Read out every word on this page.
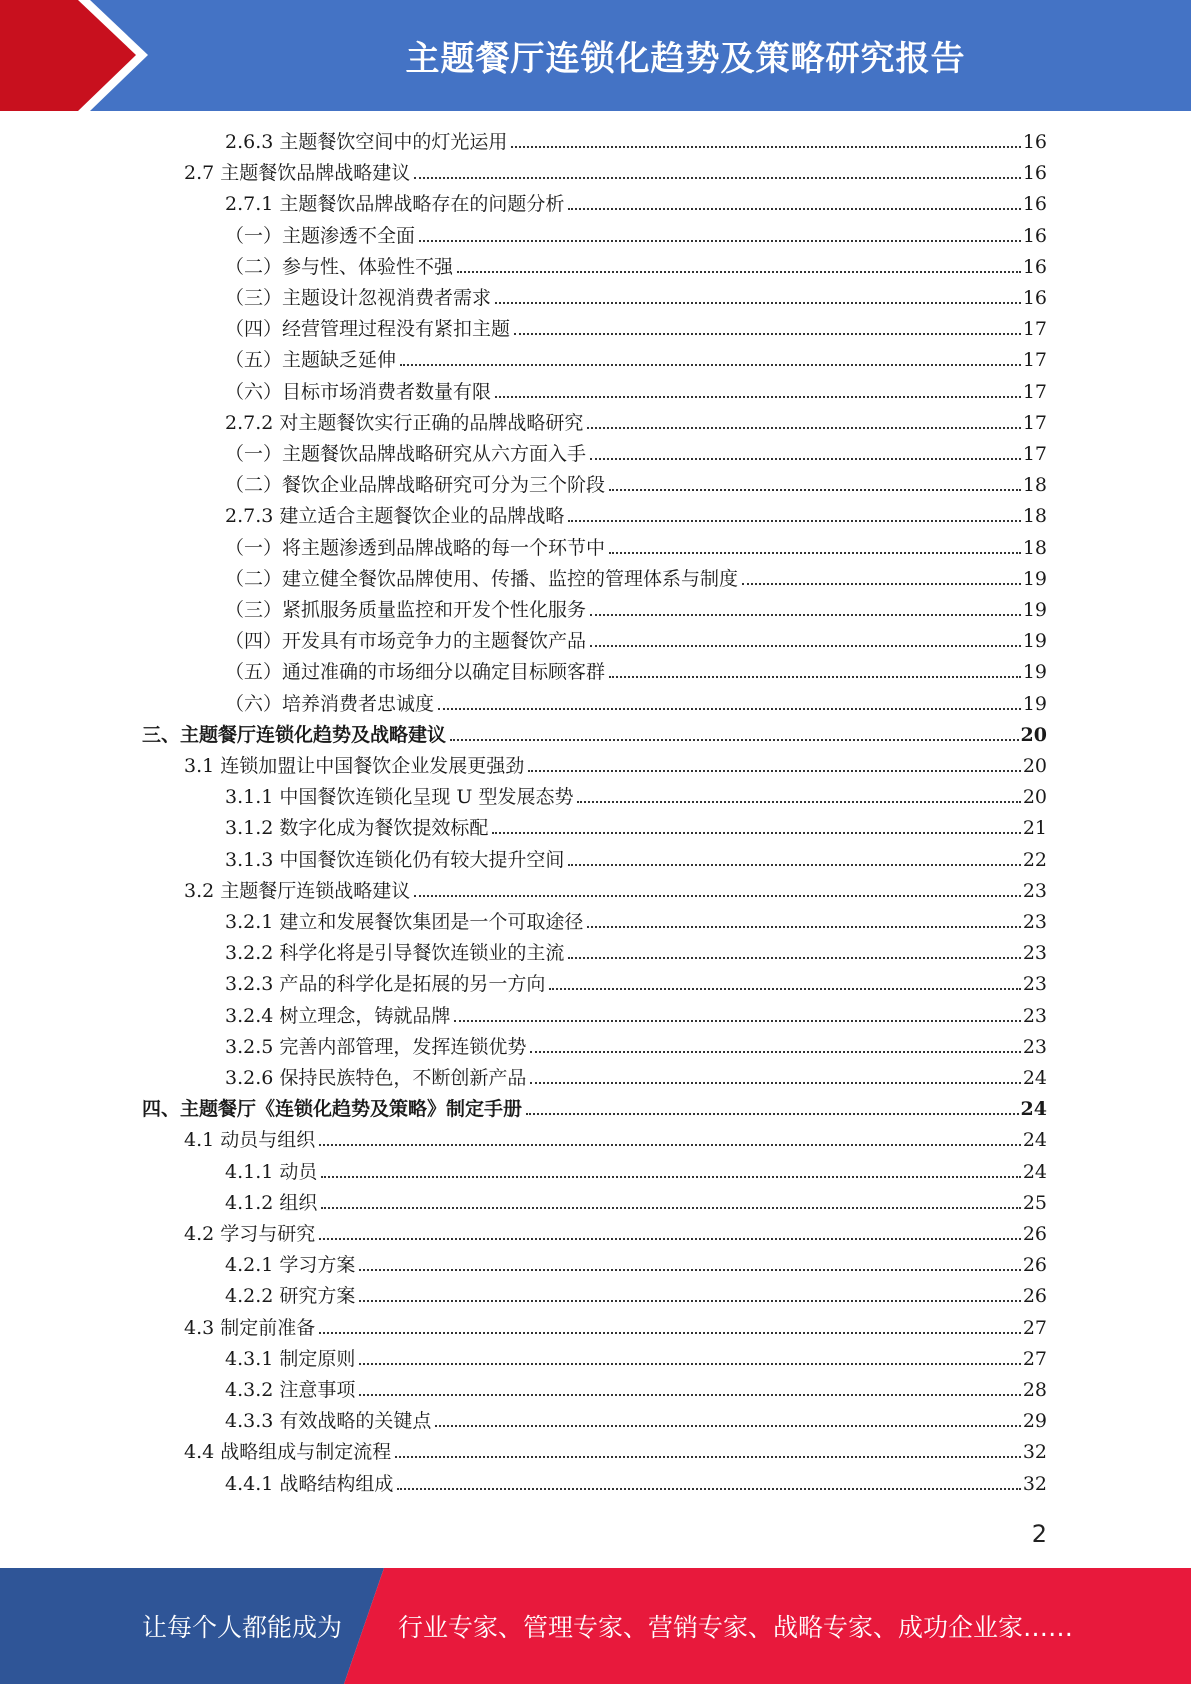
主题餐厅连锁化趋势及策略研究报告
2.6.3 主题餐饮空间中的灯光运用	16
2.7 主题餐饮品牌战略建议	16
2.7.1 主题餐饮品牌战略存在的问题分析	16
（一）主题渗透不全面	16
（二）参与性、体验性不强	16
（三）主题设计忽视消费者需求	16
（四）经营管理过程没有紧扣主题	17
（五）主题缺乏延伸	17
（六）目标市场消费者数量有限	17
2.7.2 对主题餐饮实行正确的品牌战略研究	17
（一）主题餐饮品牌战略研究从六方面入手	17
（二）餐饮企业品牌战略研究可分为三个阶段	18
2.7.3 建立适合主题餐饮企业的品牌战略	18
（一）将主题渗透到品牌战略的每一个环节中	18
（二）建立健全餐饮品牌使用、传播、监控的管理体系与制度	19
（三）紧抓服务质量监控和开发个性化服务	19
（四）开发具有市场竞争力的主题餐饮产品	19
（五）通过准确的市场细分以确定目标顾客群	19
（六）培养消费者忠诚度	19
三、主题餐厅连锁化趋势及战略建议	20
3.1 连锁加盟让中国餐饮企业发展更强劲	20
3.1.1 中国餐饮连锁化呈现 U 型发展态势	20
3.1.2 数字化成为餐饮提效标配	21
3.1.3 中国餐饮连锁化仍有较大提升空间	22
3.2 主题餐厅连锁战略建议	23
3.2.1 建立和发展餐饮集团是一个可取途径	23
3.2.2 科学化将是引导餐饮连锁业的主流	23
3.2.3 产品的科学化是拓展的另一方向	23
3.2.4 树立理念，铸就品牌	23
3.2.5 完善内部管理，发挥连锁优势	23
3.2.6 保持民族特色，不断创新产品	24
四、主题餐厅《连锁化趋势及策略》制定手册	24
4.1 动员与组织	24
4.1.1 动员	24
4.1.2 组织	25
4.2 学习与研究	26
4.2.1 学习方案	26
4.2.2 研究方案	26
4.3 制定前准备	27
4.3.1 制定原则	27
4.3.2 注意事项	28
4.3.3 有效战略的关键点	29
4.4 战略组成与制定流程	32
4.4.1 战略结构组成	32
2
让每个人都能成为 行业专家、管理专家、营销专家、战略专家、成功企业家……
